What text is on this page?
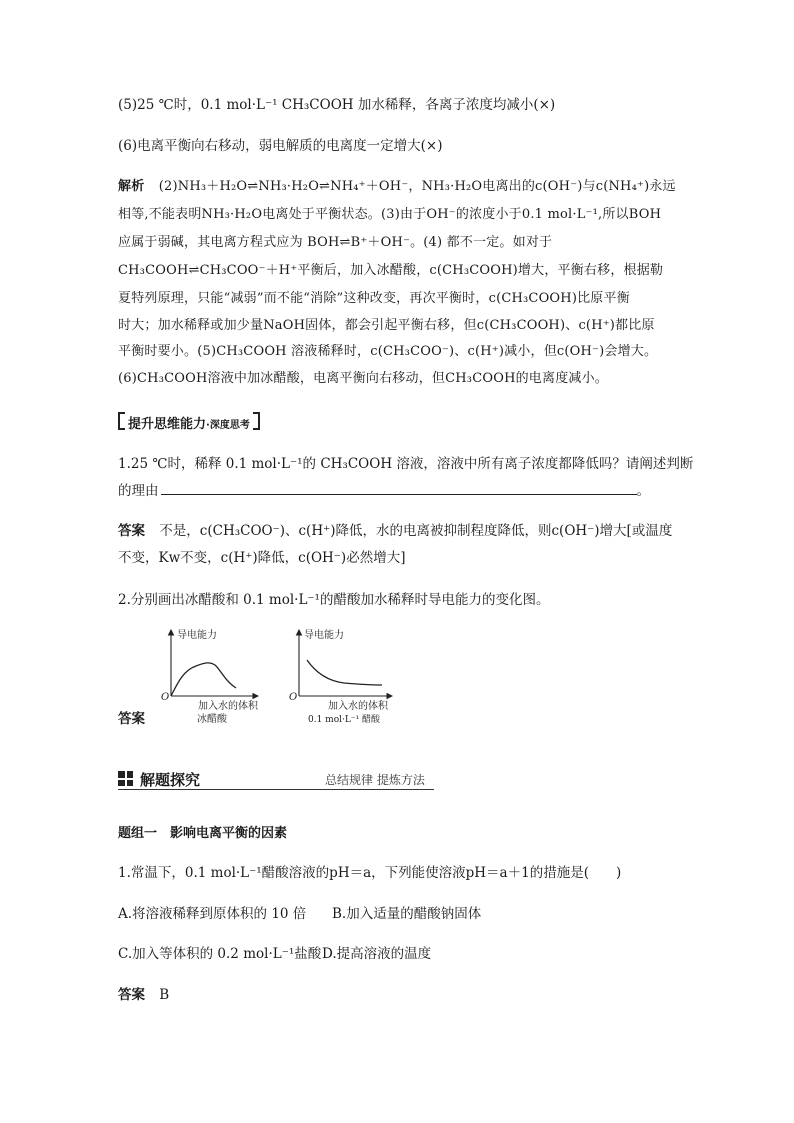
(5)25 ℃时，0.1 mol·L⁻¹ CH₃COOH 加水稀释，各离子浓度均减小(×)
(6)电离平衡向右移动，弱电解质的电离度一定增大(×)
解析 (2)NH₃＋H₂O⇌NH₃·H₂O⇌NH₄⁺＋OH⁻，NH₃·H₂O电离出的c(OH⁻)与c(NH₄⁺)永远
相等,不能表明NH₃·H₂O电离处于平衡状态。(3)由于OH⁻的浓度小于0.1 mol·L⁻¹,所以BOH
应属于弱碱，其电离方程式应为 BOH⇌B⁺＋OH⁻。(4) 都不一定。如对于
CH₃COOH⇌CH₃COO⁻＋H⁺平衡后，加入冰醋酸，c(CH₃COOH)增大，平衡右移，根据勒
夏特列原理，只能“减弱”而不能“消除”这种改变，再次平衡时，c(CH₃COOH)比原平衡
时大；加水稀释或加少量NaOH固体，都会引起平衡右移，但c(CH₃COOH)、c(H⁺)都比原
平衡时要小。(5)CH₃COOH 溶液稀释时，c(CH₃COO⁻)、c(H⁺)减小，但c(OH⁻)会增大。
(6)CH₃COOH溶液中加冰醋酸，电离平衡向右移动，但CH₃COOH的电离度减小。
提升思维能力·深度思考
1.25 ℃时，稀释 0.1 mol·L⁻¹的 CH₃COOH 溶液，溶液中所有离子浓度都降低吗？请阐述判断
的理由	。
答案 不是，c(CH₃COO⁻)、c(H⁺)降低，水的电离被抑制程度降低，则c(OH⁻)增大[或温度
不变，Kw不变，c(H⁺)降低，c(OH⁻)必然增大]
2.分别画出冰醋酸和 0.1 mol·L⁻¹的醋酸加水稀释时导电能力的变化图。
导电能力
O
加入水的体积
冰醋酸
导电能力
O
加入水的体积
0.1 mol·L⁻¹ 醋酸
答案
解题探究	总结规律 提炼方法
题组一　影响电离平衡的因素
1.常温下，0.1 mol·L⁻¹醋酸溶液的pH＝a，下列能使溶液pH＝a＋1的措施是(　　)
A.将溶液稀释到原体积的 10 倍 B.加入适量的醋酸钠固体
C.加入等体积的 0.2 mol·L⁻¹盐酸 D.提高溶液的温度
答案 B
